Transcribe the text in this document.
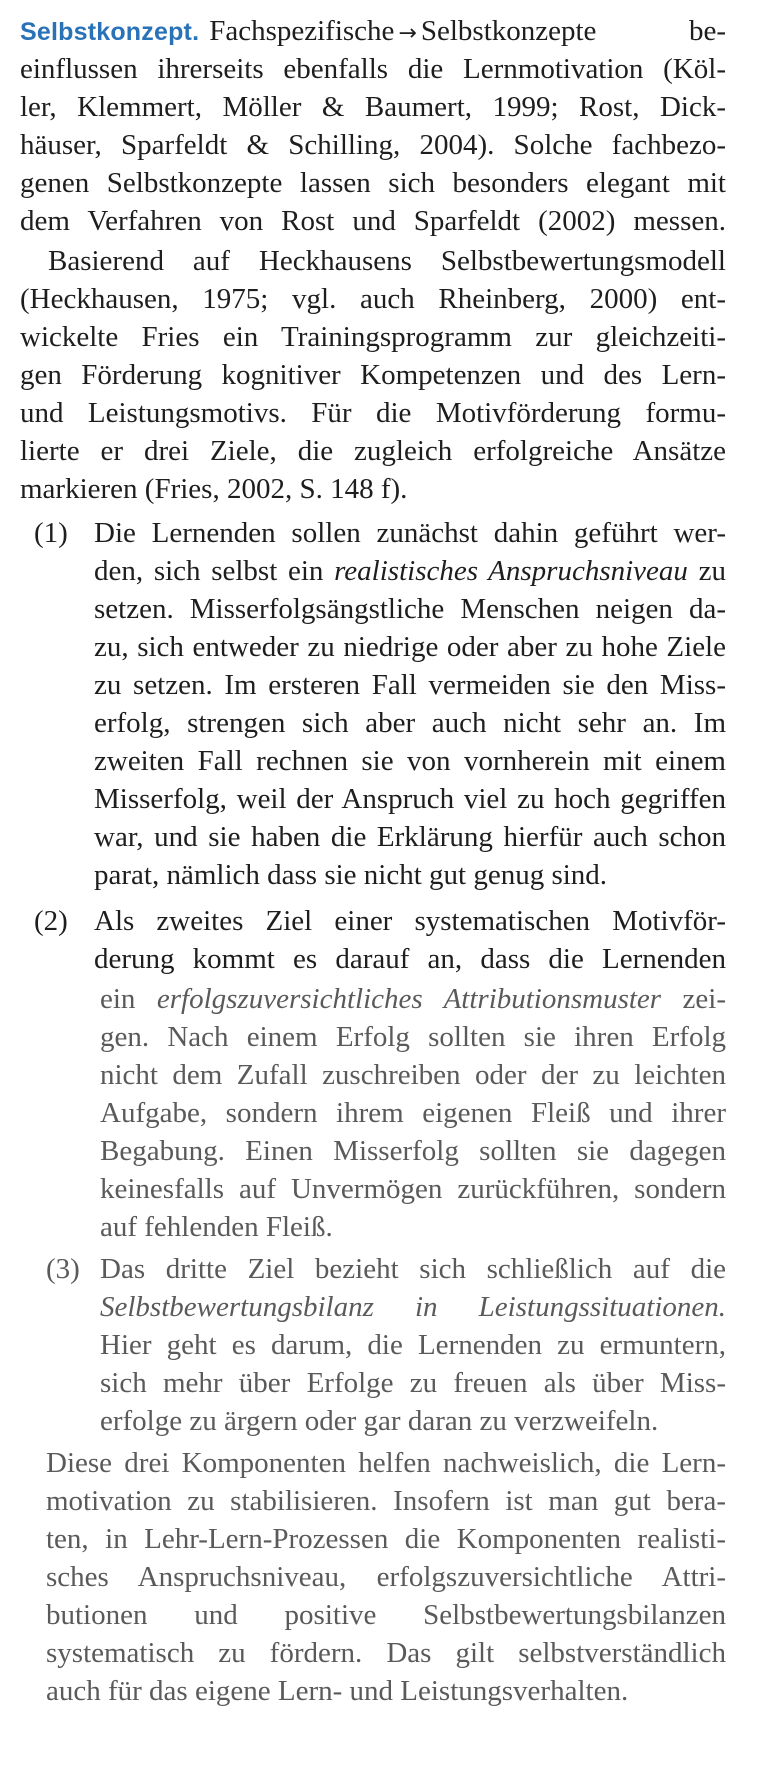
Selbstkonzept. Fachspezifische → Selbstkonzepte be-
einflussen ihrerseits ebenfalls die Lernmotivation (Köl-
ler, Klemmert, Möller & Baumert, 1999; Rost, Dick-
häuser, Sparfeldt & Schilling, 2004). Solche fachbezo-
genen Selbstkonzepte lassen sich besonders elegant mit
dem Verfahren von Rost und Sparfeldt (2002) messen.
Basierend auf Heckhausens Selbstbewertungsmodell
(Heckhausen, 1975; vgl. auch Rheinberg, 2000) ent-
wickelte Fries ein Trainingsprogramm zur gleichzeiti-
gen Förderung kognitiver Kompetenzen und des Lern-
und Leistungsmotivs. Für die Motivförderung formu-
lierte er drei Ziele, die zugleich erfolgreiche Ansätze
markieren (Fries, 2002, S. 148 f).
(1) Die Lernenden sollen zunächst dahin geführt wer-
den, sich selbst ein realistisches Anspruchsniveau zu
setzen. Misserfolgsängstliche Menschen neigen da-
zu, sich entweder zu niedrige oder aber zu hohe Ziele
zu setzen. Im ersteren Fall vermeiden sie den Miss-
erfolg, strengen sich aber auch nicht sehr an. Im
zweiten Fall rechnen sie von vornherein mit einem
Misserfolg, weil der Anspruch viel zu hoch gegriffen
war, und sie haben die Erklärung hierfür auch schon
parat, nämlich dass sie nicht gut genug sind.
(2) Als zweites Ziel einer systematischen Motivför-
derung kommt es darauf an, dass die Lernenden
ein erfolgszuversichtliches Attributionsmuster zei-
gen. Nach einem Erfolg sollten sie ihren Erfolg
nicht dem Zufall zuschreiben oder der zu leichten
Aufgabe, sondern ihrem eigenen Fleiß und ihrer
Begabung. Einen Misserfolg sollten sie dagegen
keinesfalls auf Unvermögen zurückführen, sondern
auf fehlenden Fleiß.
(3) Das dritte Ziel bezieht sich schließlich auf die
Selbstbewertungsbilanz in Leistungssituationen.
Hier geht es darum, die Lernenden zu ermuntern,
sich mehr über Erfolge zu freuen als über Miss-
erfolge zu ärgern oder gar daran zu verzweifeln.
Diese drei Komponenten helfen nachweislich, die Lern-
motivation zu stabilisieren. Insofern ist man gut bera-
ten, in Lehr-Lern-Prozessen die Komponenten realisti-
sches Anspruchsniveau, erfolgszuversichtliche Attri-
butionen und positive Selbstbewertungsbilanzen
systematisch zu fördern. Das gilt selbstverständlich
auch für das eigene Lern- und Leistungsverhalten.
